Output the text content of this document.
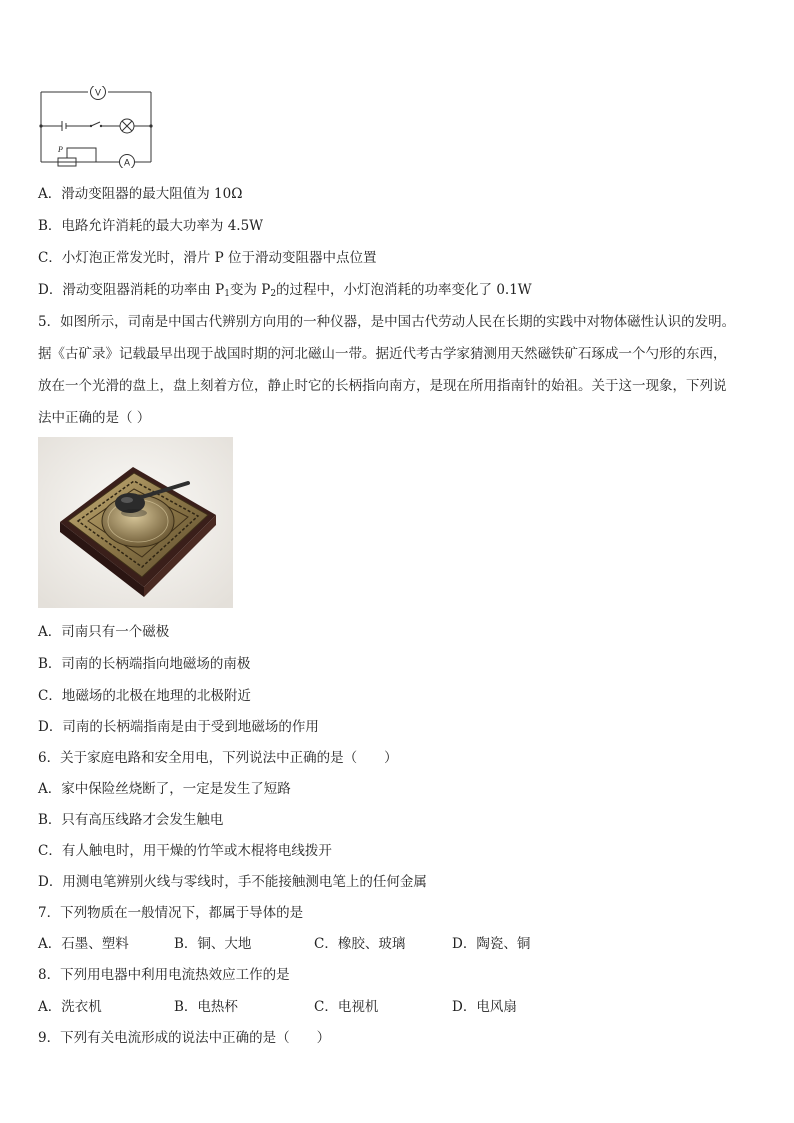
V
A
P
A．滑动变阻器的最大阻值为 10Ω
B．电路允许消耗的最大功率为 4.5W
C．小灯泡正常发光时，滑片 P 位于滑动变阻器中点位置
D．滑动变阻器消耗的功率由 $P_1$变为 $P_2$的过程中，小灯泡消耗的功率变化了 0.1W
5．如图所示，司南是中国古代辨别方向用的一种仪器，是中国古代劳动人民在长期的实践中对物体磁性认识的发明。
据《古矿录》记载最早出现于战国时期的河北磁山一带。据近代考古学家猜测用天然磁铁矿石琢成一个勺形的东西，
放在一个光滑的盘上，盘上刻着方位，静止时它的长柄指向南方，是现在所用指南针的始祖。关于这一现象，下列说
法中正确的是（ ）
A．司南只有一个磁极
B．司南的长柄端指向地磁场的南极
C．地磁场的北极在地理的北极附近
D．司南的长柄端指南是由于受到地磁场的作用
6．关于家庭电路和安全用电，下列说法中正确的是（　　）
A．家中保险丝烧断了，一定是发生了短路
B．只有高压线路才会发生触电
C．有人触电时，用干燥的竹竿或木棍将电线拨开
D．用测电笔辨别火线与零线时，手不能接触测电笔上的任何金属
7．下列物质在一般情况下，都属于导体的是
A．石墨、塑料	B．铜、大地	C．橡胶、玻璃	D．陶瓷、铜
8．下列用电器中利用电流热效应工作的是
A．洗衣机	B．电热杯	C．电视机	D．电风扇
9．下列有关电流形成的说法中正确的是（　　）
